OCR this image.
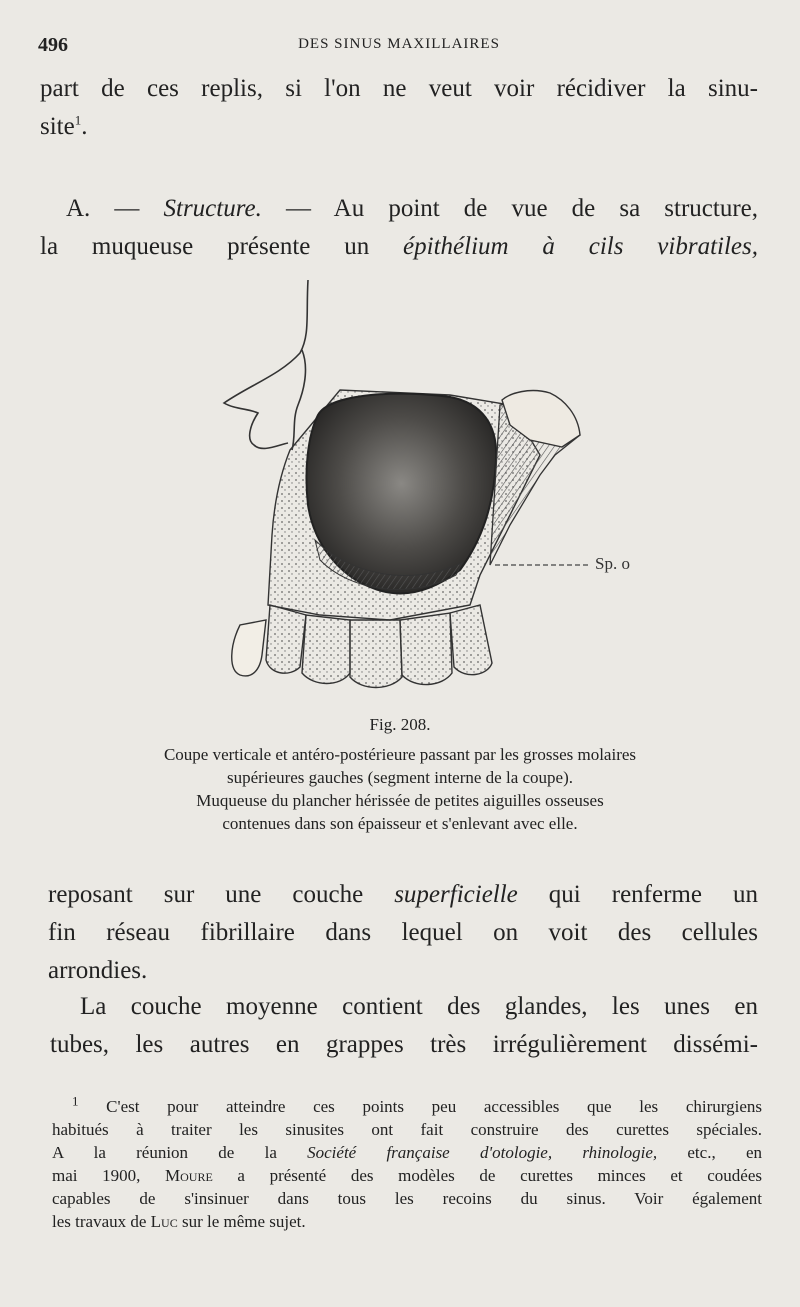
496	DES SINUS MAXILLAIRES
part de ces replis, si l'on ne veut voir récidiver la sinu-
site$^1$.
A. — Structure. — Au point de vue de sa structure,
la muqueuse présente un épithélium à cils vibratiles,
Sp. o
Fig. 208.
Coupe verticale et antéro-postérieure passant par les grosses molaires
supérieures gauches (segment interne de la coupe).
Muqueuse du plancher hérissée de petites aiguilles osseuses
contenues dans son épaisseur et s'enlevant avec elle.
reposant sur une couche superficielle qui renferme un
fin réseau fibrillaire dans lequel on voit des cellules
arrondies.
La couche moyenne contient des glandes, les unes en
tubes, les autres en grappes très irrégulièrement dissémi-
$^1$ C'est pour atteindre ces points peu accessibles que les chirurgiens
habitués à traiter les sinusites ont fait construire des curettes spéciales.
A la réunion de la Société française d'otologie, rhinologie, etc., en
mai 1900, Moure a présenté des modèles de curettes minces et coudées
capables de s'insinuer dans tous les recoins du sinus. Voir également
les travaux de Luc sur le même sujet.
